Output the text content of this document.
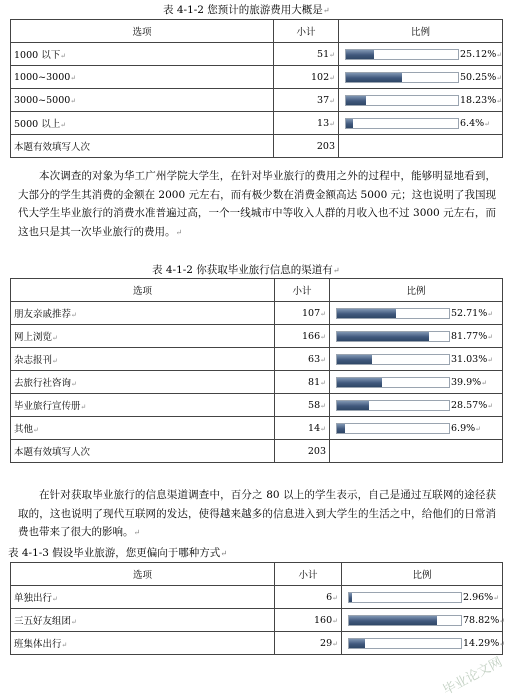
表 4-1-2 您预计的旅游费用大概是↵
选项	小计	比例
1000 以下↵	51↵	25.12%↵
1000~3000↵	102↵	50.25%↵
3000~5000↵	37↵	18.23%↵
5000 以上↵	13↵	6.4%↵
本题有效填写人次	203	
本次调查的对象为华工广州学院大学生，在针对毕业旅行的费用之外的过程中，能够明显地看到，大部分的学生其消费的金额在 2000 元左右，而有极少数在消费金额高达 5000 元；这也说明了我国现代大学生毕业旅行的消费水准普遍过高，一个一线城市中等收入人群的月收入也不过 3000 元左右，而这也只是其一次毕业旅行的费用。↵
表 4-1-2 你获取毕业旅行信息的渠道有↵
选项	小计	比例
朋友亲戚推荐↵	107↵	52.71%↵
网上浏览↵	166↵	81.77%↵
杂志报刊↵	63↵	31.03%↵
去旅行社咨询↵	81↵	39.9%↵
毕业旅行宣传册↵	58↵	28.57%↵
其他↵	14↵	6.9%↵
本题有效填写人次	203	
在针对获取毕业旅行的信息渠道调查中，百分之 80 以上的学生表示，自己是通过互联网的途径获取的，这也说明了现代互联网的发达，使得越来越多的信息进入到大学生的生活之中，给他们的日常消费也带来了很大的影响。↵
表 4-1-3 假设毕业旅游，您更偏向于哪种方式↵
选项	小计	比例
单独出行↵	6↵	2.96%↵
三五好友组团↵	160↵	78.82%↵
班集体出行↵	29↵	14.29%↵
毕业论文网
